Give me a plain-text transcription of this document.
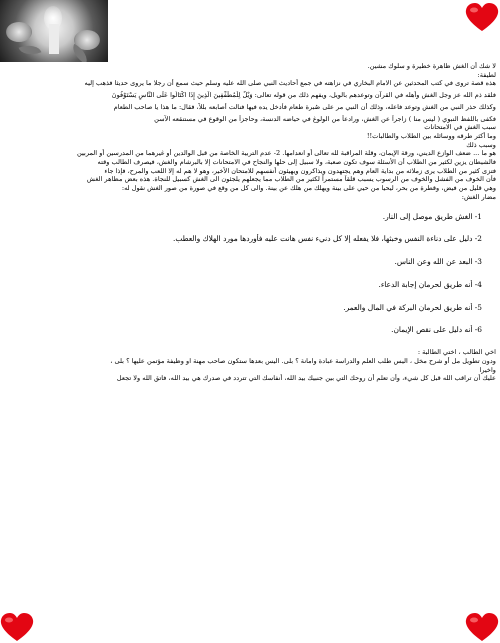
لا شك أن الغش ظاهرة خطيرة و سلوك مشين.

لطيفة:

هذه قصة تروى في كتب المحدثين عن الامام البخاري في نزاهته في جمع أحاديث النبي صلى الله عليه وسلم حيث سمع أن رجلا ما يروى حديثا فذهب إليه

فلقد ذم الله عز وجل الغش وأهله في القرآن وتوعدهم بالويل، ويفهم ذلك من قوله تعالى: وَيْلٌ لِلْمُطَفِّفِينَ الَّذِينَ إِذَا اكْتَالُوا عَلَى النَّاسِ يَسْتَوْفُونَ

وكذلك حذر النبي من الغش وتوعد فاعله، وذلك أن النبي مر على صُبرة طعام فأدخل يده فيها فنالت أصابعه بللاً، فقال: ما هذا يا صاحب الطعام

فكفى باللفظ النبوي ( ليس منا ) زاجراً عن الغش، ورادعاً من الولوغ في حياضه الدنسة، وحاجزاً من الوقوع في مستنقعه الآسن

سبب الغش في الامتحانات

وما أكثر طرقه ووسائله بين الطلاب والطالبات!!

وسبب ذلك

هو ما ... ضعف الوازع الديني، ورقة الإيمان، وقلة المراقبة لله تعالى أو انعدامها. 2- عدم التربية الخاصة من قبل الوالدين أو غيرهما من المدرسين أو المربين

فالشيطان يزين لكثير من الطلاب أن الأسئلة سوف تكون صعبة، ولا سبيل إلى حلها والنجاح في الامتحانات إلا بالبرشام والغش، فيصرف الطالب وقته

فتزى كثير من الطلاب يرى زملائه من بداية العام وهم يجتهدون ويذاكرون ويهيئون أنفسهم للامتحان الأخير، وهو لا هم له إلا اللعب والمرح، فإذا جاء

فأن الخوف من الفشل والخوف من الرسوب يسبب قلقاً مستمراً لكثير من الطلاب مما يجعلهم يلجئون الى الغش كسبيل للنجاة. هذه بعض مظاهر الغش

وهي قليل من فيض، وقطرة من بحر، ليحيا من حيي على بينة ويهلك من هلك عن بينة. والى كل من وقع في صورة من صور الغش نقول له:

مضار الغش:

1- الغش طريق موصل إلى النار.

2- دليل على دناءة النفس وخبثها، فلا يفعله إلا كل دنيء نفس هانت عليه فأوردها مورد الهلاك والعطب.

3- البعد عن الله وعن الناس.

4- أنه طريق لحرمان إجابة الدعاء.

5- أنه طريق لحرمان البركة في المال والعمر.

6- أنه دليل على نقص الإيمان.

اخي الطالب ، اختي الطالبة :

ودون تطويل مل أو شرح مخل ، اليس طلب العلم والدراسة عبادة وامانة ؟ بلى. اليس بعدها ستكون صاحب مهنة او وظيفة مؤتمن عليها ؟ بلى ،

واخيرا

عليك أن تراقب الله قبل كل شيء، وأن تعلم أن روحك التي بين جنبيك بيد الله، أنفاسك التي تتردد في صدرك هي بيد الله، فاتق الله ولا تجعل
